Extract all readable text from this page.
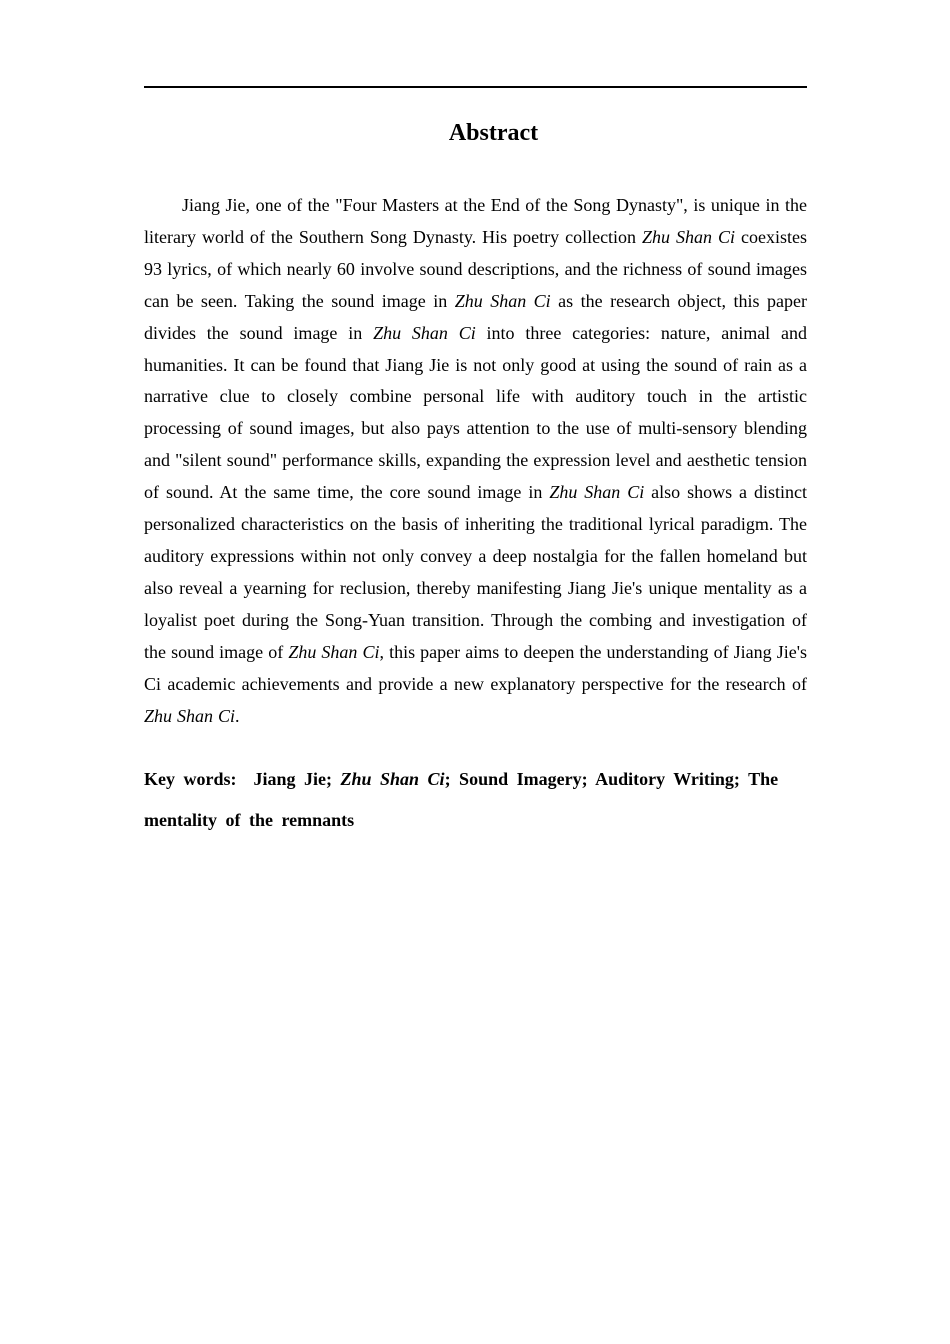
Abstract

Jiang Jie, one of the "Four Masters at the End of the Song Dynasty", is unique in the literary world of the Southern Song Dynasty. His poetry collection Zhu Shan Ci coexistes 93 lyrics, of which nearly 60 involve sound descriptions, and the richness of sound images can be seen. Taking the sound image in Zhu Shan Ci as the research object, this paper divides the sound image in Zhu Shan Ci into three categories: nature, animal and humanities. It can be found that Jiang Jie is not only good at using the sound of rain as a narrative clue to closely combine personal life with auditory touch in the artistic processing of sound images, but also pays attention to the use of multi-sensory blending and "silent sound" performance skills, expanding the expression level and aesthetic tension of sound. At the same time, the core sound image in Zhu Shan Ci also shows a distinct personalized characteristics on the basis of inheriting the traditional lyrical paradigm. The auditory expressions within not only convey a deep nostalgia for the fallen homeland but also reveal a yearning for reclusion, thereby manifesting Jiang Jie's unique mentality as a loyalist poet during the Song-Yuan transition. Through the combing and investigation of the sound image of Zhu Shan Ci, this paper aims to deepen the understanding of Jiang Jie's Ci academic achievements and provide a new explanatory perspective for the research of Zhu Shan Ci.

Key words: Jiang Jie; Zhu Shan Ci; Sound Imagery; Auditory Writing; The mentality of the remnants
